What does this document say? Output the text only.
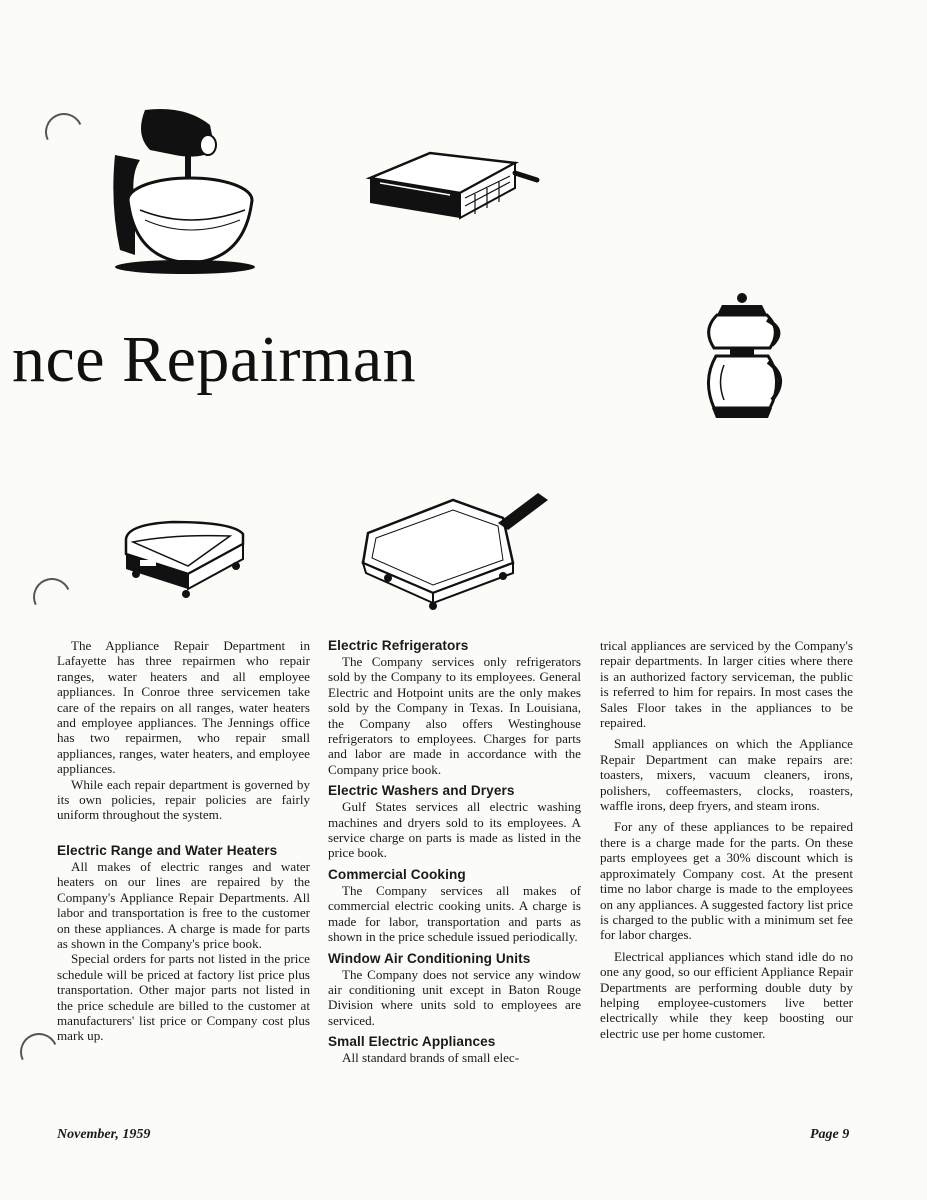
nce Repairman

The Appliance Repair Department in Lafayette has three repairmen who repair ranges, water heaters and all employee appliances. In Conroe three servicemen take care of the repairs on all ranges, water heaters and employee appliances. The Jennings office has two repairmen, who repair small appliances, ranges, water heaters, and employee appliances.

While each repair department is governed by its own policies, repair policies are fairly uniform throughout the system.

Electric Range and Water Heaters

All makes of electric ranges and water heaters on our lines are repaired by the Company's Appliance Repair Departments. All labor and transportation is free to the customer on these appliances. A charge is made for parts as shown in the Company's price book.

Special orders for parts not listed in the price schedule will be priced at factory list price plus transportation. Other major parts not listed in the price schedule are billed to the customer at manufacturers' list price or Company cost plus mark up.

Electric Refrigerators

The Company services only refrigerators sold by the Company to its employees. General Electric and Hotpoint units are the only makes sold by the Company in Texas. In Louisiana, the Company also offers Westinghouse refrigerators to employees. Charges for parts and labor are made in accordance with the Company price book.

Electric Washers and Dryers

Gulf States services all electric washing machines and dryers sold to its employees. A service charge on parts is made as listed in the price book.

Commercial Cooking

The Company services all makes of commercial electric cooking units. A charge is made for labor, transportation and parts as shown in the price schedule issued periodically.

Window Air Conditioning Units

The Company does not service any window air conditioning unit except in Baton Rouge Division where units sold to employees are serviced.

Small Electric Appliances

All standard brands of small elec-

trical appliances are serviced by the Company's repair departments. In larger cities where there is an authorized factory serviceman, the public is referred to him for repairs. In most cases the Sales Floor takes in the appliances to be repaired.

Small appliances on which the Appliance Repair Department can make repairs are: toasters, mixers, vacuum cleaners, irons, polishers, coffeemasters, clocks, roasters, waffle irons, deep fryers, and steam irons.

For any of these appliances to be repaired there is a charge made for the parts. On these parts employees get a 30% discount which is approximately Company cost. At the present time no labor charge is made to the employees on any appliances. A suggested factory list price is charged to the public with a minimum set fee for labor charges.

Electrical appliances which stand idle do no one any good, so our efficient Appliance Repair Departments are performing double duty by helping employee-customers live better electrically while they keep boosting our electric use per home customer.

November, 1959	Page 9
